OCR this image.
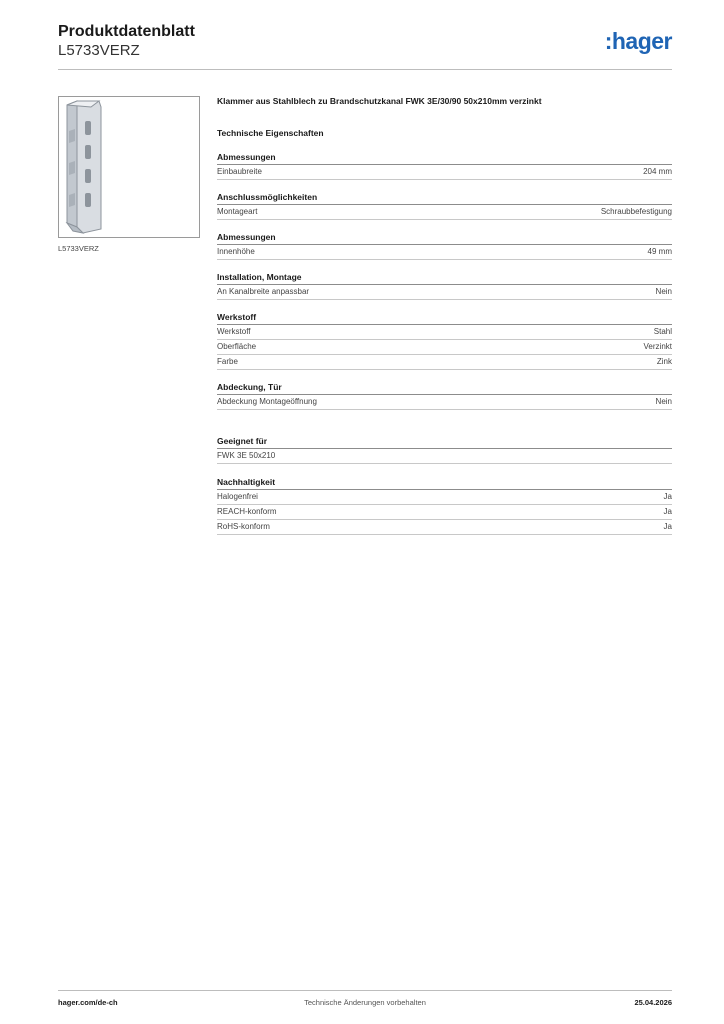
Produktdatenblatt
L5733VERZ	:hager
L5733VERZ
Klammer aus Stahlblech zu Brandschutzkanal FWK 3E/30/90 50x210mm verzinkt
Technische Eigenschaften
Abmessungen
Einbaubreite	204 mm
Anschlussmöglichkeiten
Montageart	Schraubbefestigung
Abmessungen
Innenhöhe	49 mm
Installation, Montage
An Kanalbreite anpassbar	Nein
Werkstoff
Werkstoff	Stahl
Oberfläche	Verzinkt
Farbe	Zink
Abdeckung, Tür
Abdeckung Montageöffnung	Nein
Geeignet für
FWK 3E 50x210
Nachhaltigkeit
Halogenfrei	Ja
REACH-konform	Ja
RoHS-konform	Ja
hager.com/de-ch	Technische Änderungen vorbehalten	25.04.2026
